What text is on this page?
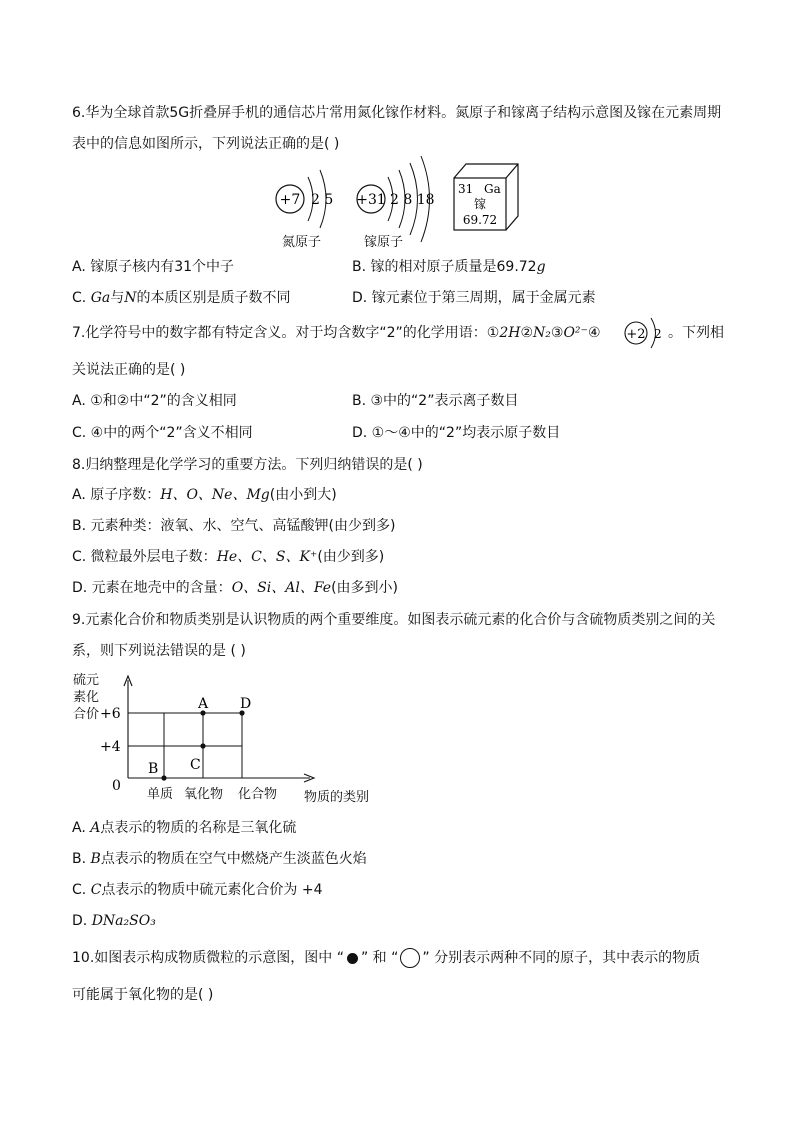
6.华为全球首款5G折叠屏手机的通信芯片常用氮化镓作材料。氮原子和镓离子结构示意图及镓在元素周期
表中的信息如图所示，下列说法正确的是( )
+7 2 5 +31 2 8 18
31 Ga
镓
69.72
氮原子	镓原子
A. 镓原子核内有31个中子	B. 镓的相对原子质量是69.72g
C. Ga与N的本质区别是质子数不同	D. 镓元素位于第三周期，属于金属元素
7.化学符号中的数字都有特定含义。对于均含数字“2”的化学用语：①2H②N₂③O²⁻④ +2 2 。下列相
关说法正确的是( )
A. ①和②中“2”的含义相同	B. ③中的“2”表示离子数目
C. ④中的两个“2”含义不相同	D. ①～④中的“2”均表示原子数目
8.归纳整理是化学学习的重要方法。下列归纳错误的是( )
A. 原子序数：H、O、Ne、Mg(由小到大)
B. 元素种类：液氧、水、空气、高锰酸钾(由少到多)
C. 微粒最外层电子数：He、C、S、K⁺(由少到多)
D. 元素在地壳中的含量：O、Si、Al、Fe(由多到小)
9.元素化合价和物质类别是认识物质的两个重要维度。如图表示硫元素的化合价与含硫物质类别之间的关
系，则下列说法错误的是 ( )
硫元
素化
合价 +6
+4
0
A
B C
D
单质 氧化物 化合物 物质的类别
A. A点表示的物质的名称是三氧化硫
B. B点表示的物质在空气中燃烧产生淡蓝色火焰
C. C点表示的物质中硫元素化合价为 +4
D. DNa₂SO₃
10.如图表示构成物质微粒的示意图，图中 “ ” 和 “ ” 分别表示两种不同的原子，其中表示的物质
可能属于氧化物的是( )
